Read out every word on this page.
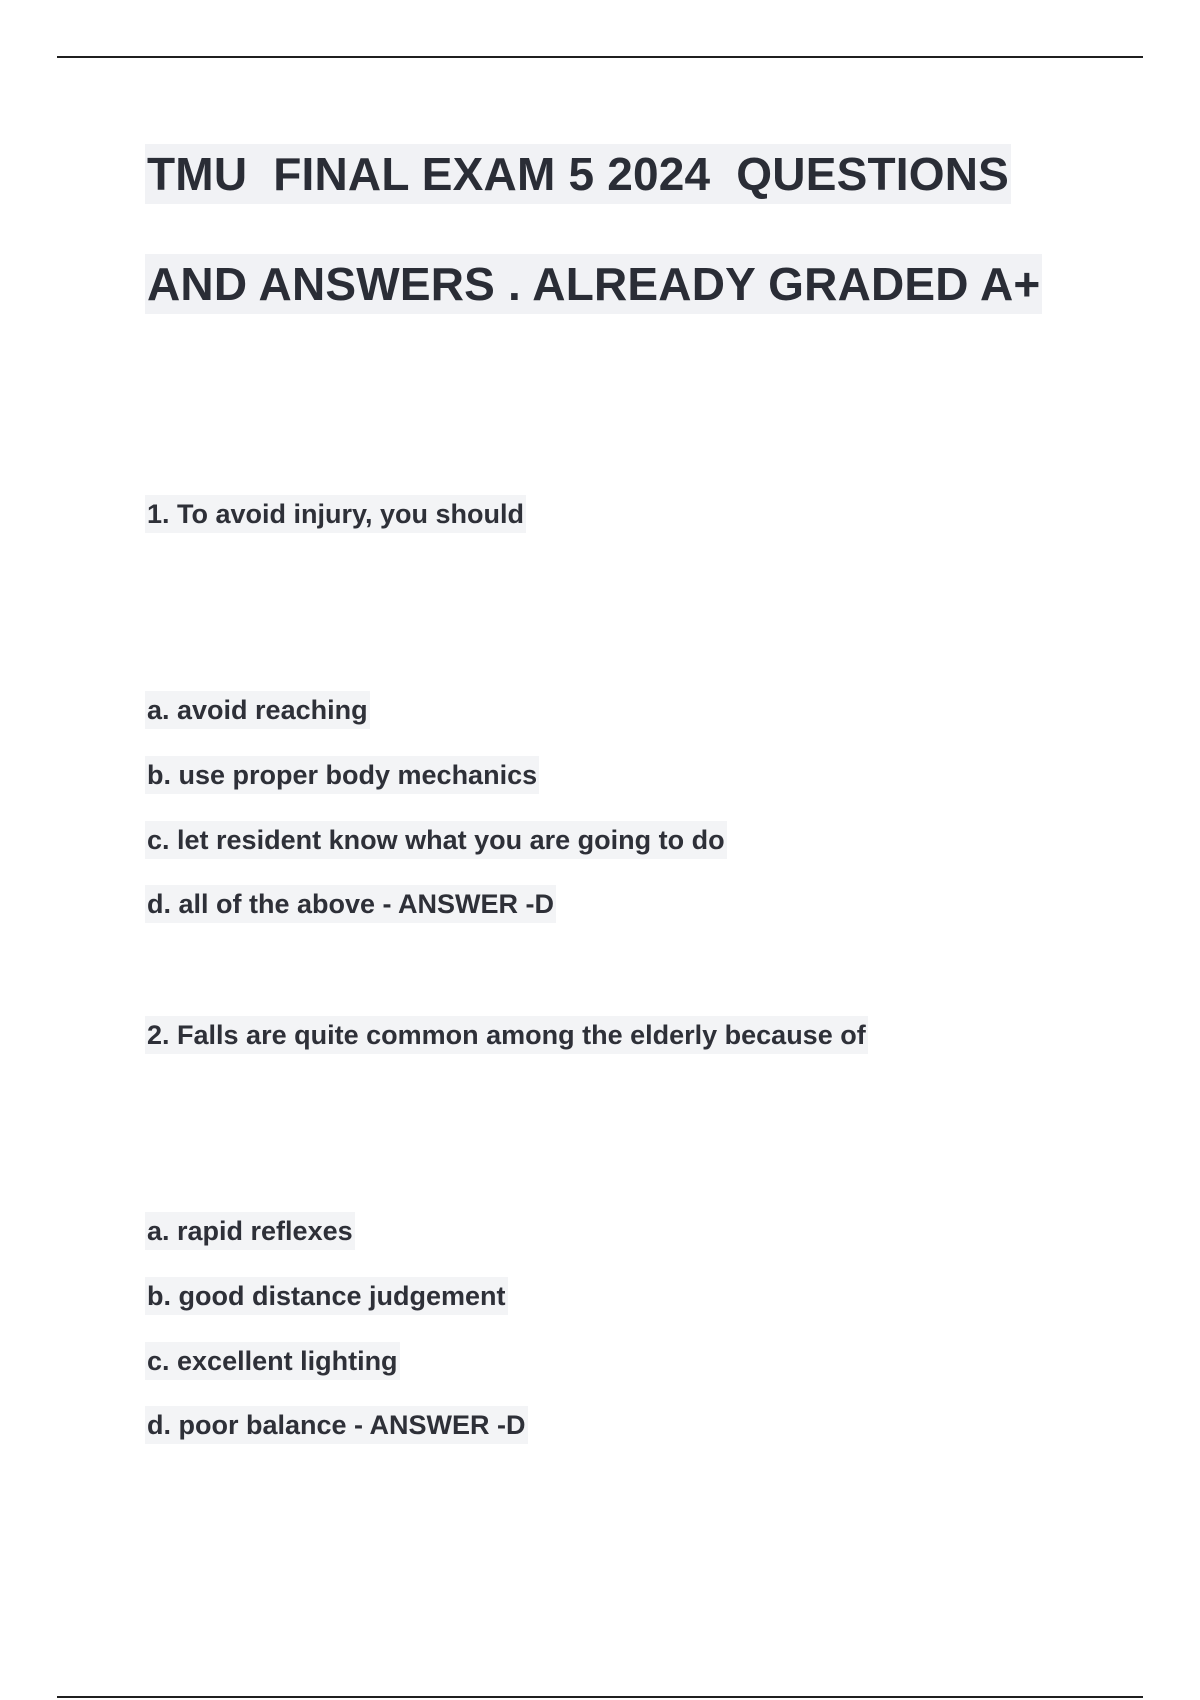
TMU  FINAL EXAM 5 2024  QUESTIONS
AND ANSWERS . ALREADY GRADED A+
1. To avoid injury, you should
a. avoid reaching
b. use proper body mechanics
c. let resident know what you are going to do
d. all of the above - ANSWER -D
2. Falls are quite common among the elderly because of
a. rapid reflexes
b. good distance judgement
c. excellent lighting
d. poor balance - ANSWER -D
